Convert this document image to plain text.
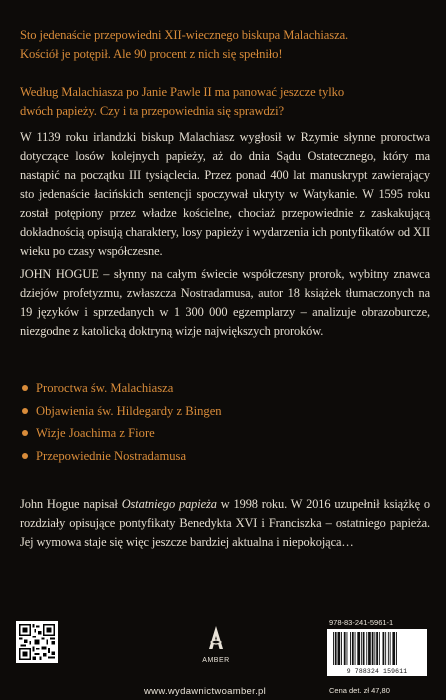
Sto jedenaście przepowiedni XII-wiecznego biskupa Malachiasza.
Kościół je potępił. Ale 90 procent z nich się spełniło!
Według Malachiasza po Janie Pawle II ma panować jeszcze tylko
dwóch papieży. Czy i ta przepowiednia się sprawdzi?
W 1139 roku irlandzki biskup Malachiasz wygłosił w Rzymie słynne proroctwa dotyczące losów kolejnych papieży, aż do dnia Sądu Ostatecznego, który ma nastąpić na początku III tysiąclecia. Przez ponad 400 lat manuskrypt zawierający sto jedenaście łacińskich sentencji spoczywał ukryty w Watykanie. W 1595 roku został potępiony przez władze kościelne, chociaż przepowiednie z zaskakującą dokładnością opisują charaktery, losy papieży i wydarzenia ich pontyfikatów od XII wieku po czasy współczesne.
JOHN HOGUE – słynny na całym świecie współczesny prorok, wybitny znawca dziejów profetyzmu, zwłaszcza Nostradamusa, autor 18 książek tłumaczonych na 19 języków i sprzedanych w 1 300 000 egzemplarzy – analizuje obrazoburcze, niezgodne z katolicką doktryną wizje największych proroków.
Proroctwa św. Malachiasza
Objawienia św. Hildegardy z Bingen
Wizje Joachima z Fiore
Przepowiednie Nostradamusa
John Hogue napisał Ostatniego papieża w 1998 roku. W 2016 uzupełnił książkę o rozdziały opisujące pontyfikaty Benedykta XVI i Franciszka – ostatniego papieża. Jej wymowa staje się więc jeszcze bardziej aktualna i niepokojąca…
AMBER
www.wydawnictwoamber.pl
978-83-241-5961-1
9 788324 159611
Cena det. zł 47,80
